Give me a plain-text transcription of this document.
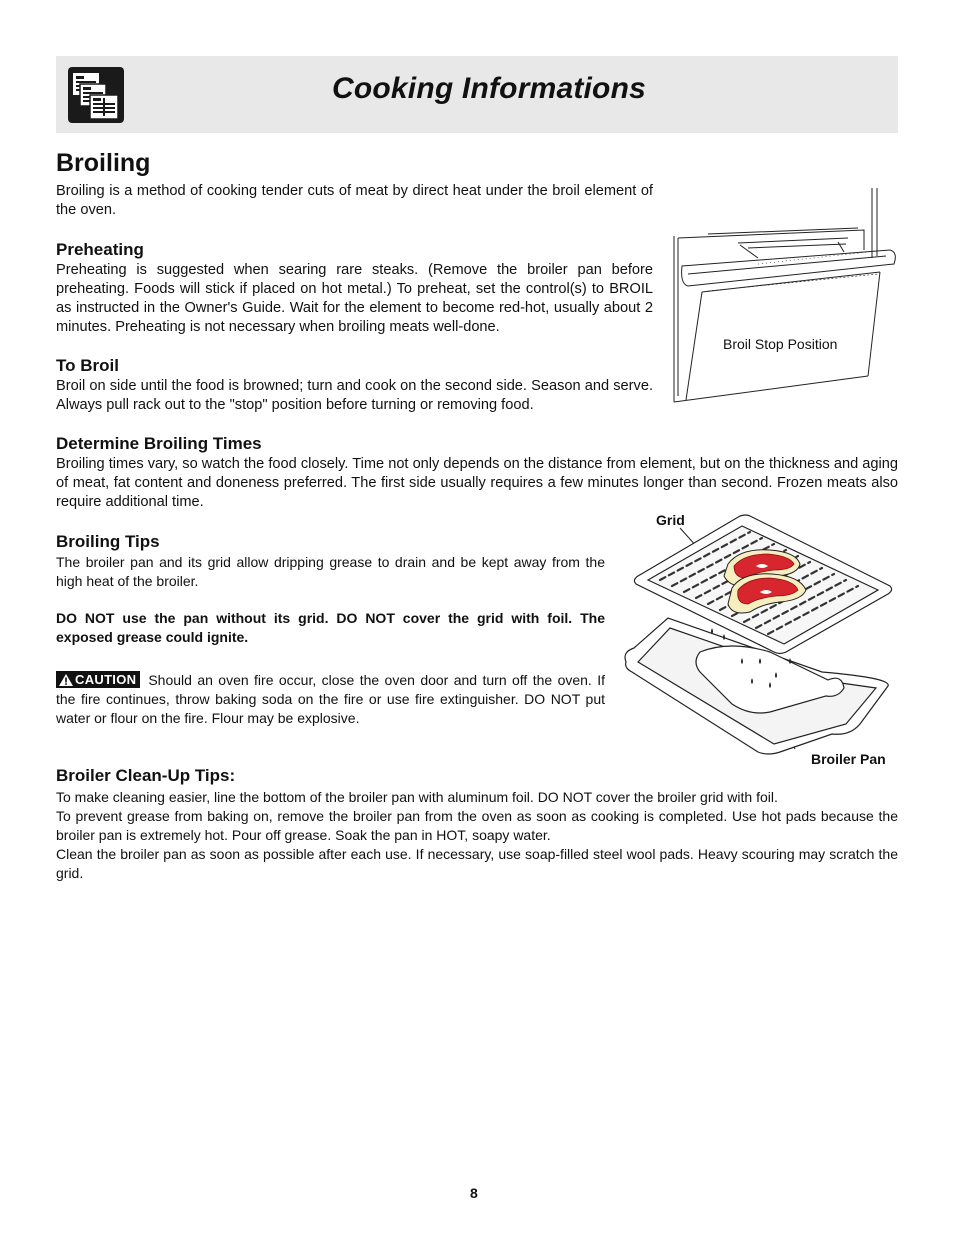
Cooking Informations
Broiling

Broiling is a method of cooking tender cuts of meat by direct heat under the broil element of the oven.

Preheating

Preheating is suggested when searing rare steaks. (Remove the broiler pan before preheating. Foods will stick if placed on hot metal.) To preheat, set the control(s) to BROIL as instructed in the Owner's Guide. Wait for the element to become red-hot, usually about 2 minutes. Preheating is not necessary when broiling meats well-done.

To Broil

Broil on side until the food is browned; turn and cook on the second side. Season and serve. Always pull rack out to the "stop" position before turning or removing food.

Broil Stop Position

Determine Broiling Times

Broiling times vary, so watch the food closely. Time not only depends on the distance from element, but on the thickness and aging of meat, fat content and doneness preferred. The first side usually requires a few minutes longer than second. Frozen meats also require additional time.

Broiling Tips

The broiler pan and its grid allow dripping grease to drain and be kept away from the high heat of the broiler.

DO NOT use the pan without its grid. DO NOT cover the grid with foil. The exposed grease could ignite.

CAUTION Should an oven fire occur, close the oven door and turn off the oven. If the fire continues, throw baking soda on the fire or use fire extinguisher. DO NOT put water or flour on the fire. Flour may be explosive.

Grid

Broiler Pan

Broiler Clean-Up Tips:

To make cleaning easier, line the bottom of the broiler pan with aluminum foil. DO NOT cover the broiler grid with foil.

To prevent grease from baking on, remove the broiler pan from the oven as soon as cooking is completed. Use hot pads because the broiler pan is extremely hot. Pour off grease. Soak the pan in HOT, soapy water.

Clean the broiler pan as soon as possible after each use. If necessary, use soap-filled steel wool pads. Heavy scouring may scratch the grid.

8
